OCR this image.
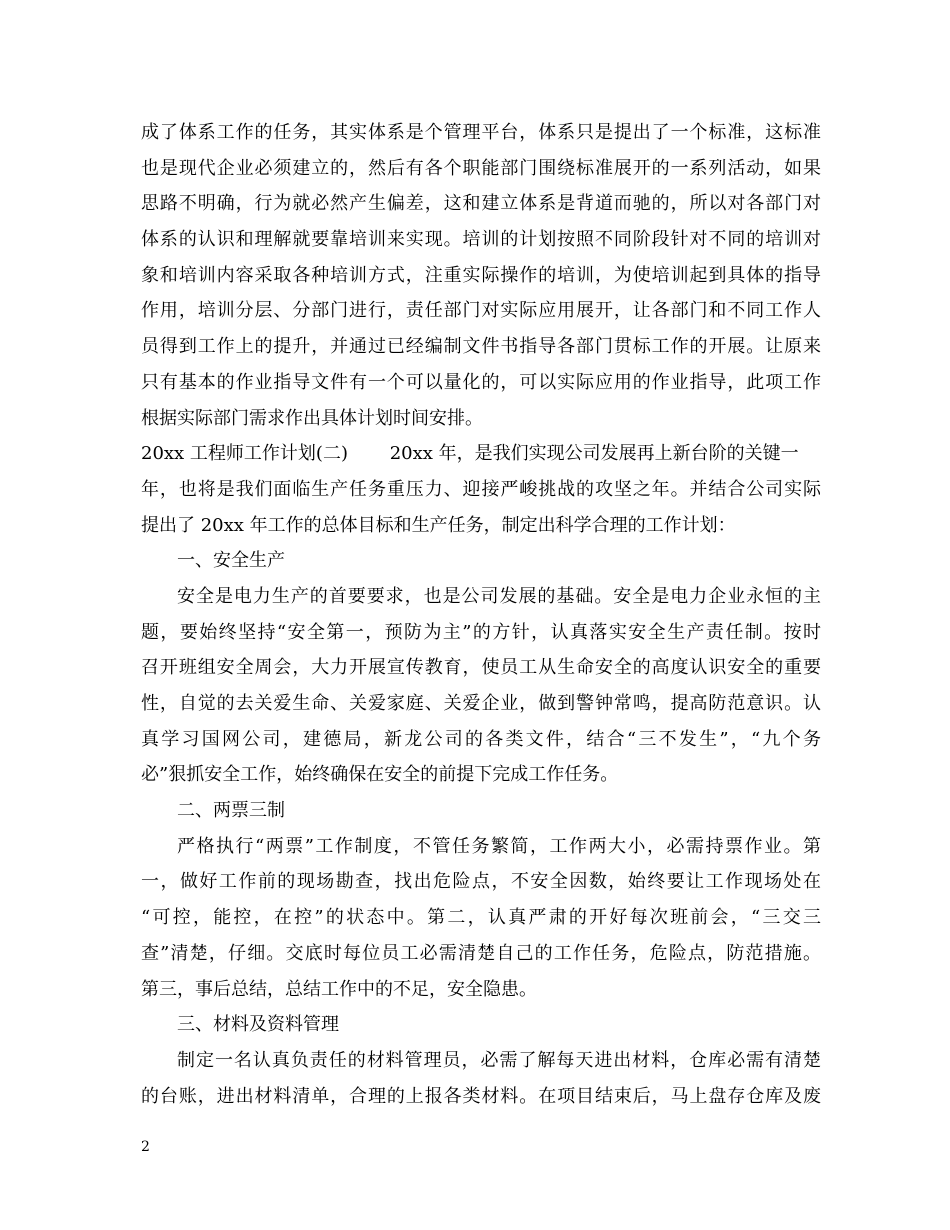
成了体系工作的任务，其实体系是个管理平台，体系只是提出了一个标准，这标准
也是现代企业必须建立的，然后有各个职能部门围绕标准展开的一系列活动，如果
思路不明确，行为就必然产生偏差，这和建立体系是背道而驰的，所以对各部门对
体系的认识和理解就要靠培训来实现。培训的计划按照不同阶段针对不同的培训对
象和培训内容采取各种培训方式，注重实际操作的培训，为使培训起到具体的指导
作用，培训分层、分部门进行，责任部门对实际应用展开，让各部门和不同工作人
员得到工作上的提升，并通过已经编制文件书指导各部门贯标工作的开展。让原来
只有基本的作业指导文件有一个可以量化的，可以实际应用的作业指导，此项工作
根据实际部门需求作出具体计划时间安排。
20xx 工程师工作计划(二)　　 20xx 年，是我们实现公司发展再上新台阶的关键一
年，也将是我们面临生产任务重压力、迎接严峻挑战的攻坚之年。并结合公司实际
提出了 20xx 年工作的总体目标和生产任务，制定出科学合理的工作计划：
一、安全生产
安全是电力生产的首要要求，也是公司发展的基础。安全是电力企业永恒的主
题，要始终坚持“安全第一，预防为主”的方针，认真落实安全生产责任制。按时
召开班组安全周会，大力开展宣传教育，使员工从生命安全的高度认识安全的重要
性，自觉的去关爱生命、关爱家庭、关爱企业，做到警钟常鸣，提高防范意识。认
真学习国网公司，建德局，新龙公司的各类文件，结合“三不发生”，“九个务
必”狠抓安全工作，始终确保在安全的前提下完成工作任务。
二、两票三制
严格执行“两票”工作制度，不管任务繁简，工作两大小，必需持票作业。第
一，做好工作前的现场勘查，找出危险点，不安全因数，始终要让工作现场处在
“可控，能控，在控”的状态中。第二，认真严肃的开好每次班前会，“三交三
查”清楚，仔细。交底时每位员工必需清楚自己的工作任务，危险点，防范措施。
第三，事后总结，总结工作中的不足，安全隐患。
三、材料及资料管理
制定一名认真负责任的材料管理员，必需了解每天进出材料，仓库必需有清楚
的台账，进出材料清单，合理的上报各类材料。在项目结束后，马上盘存仓库及废
2
